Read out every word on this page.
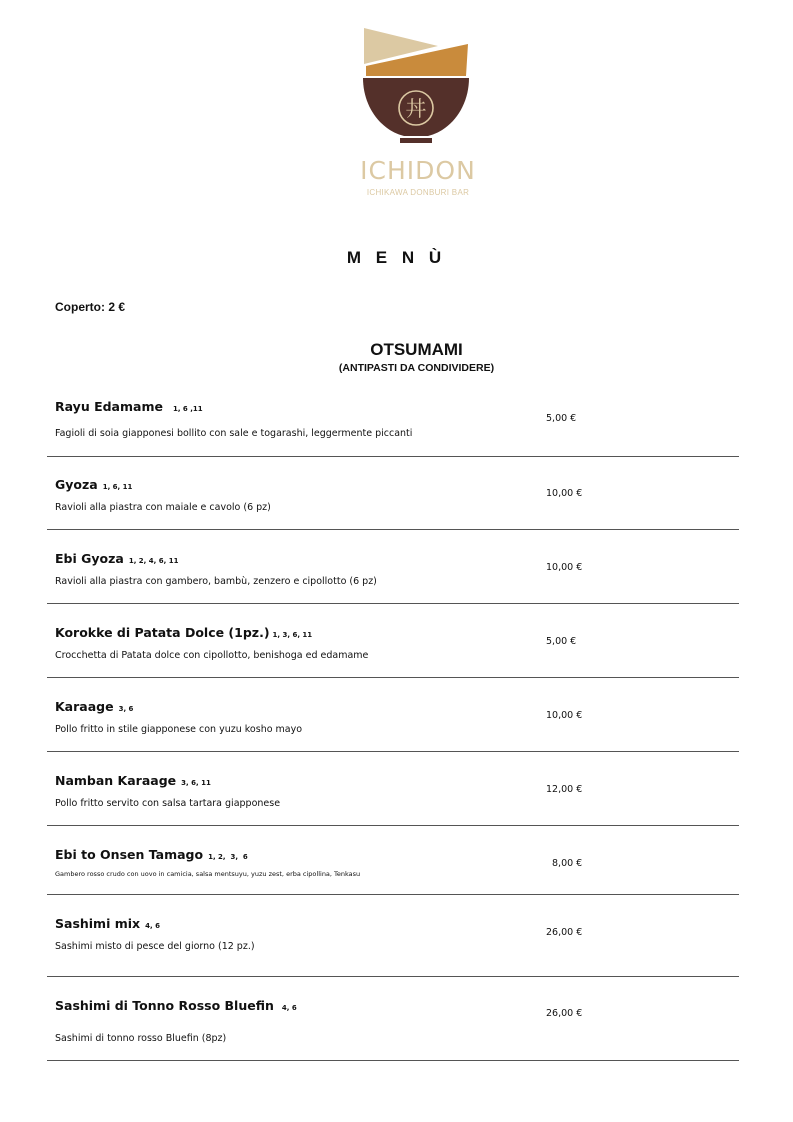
丼
ICHIDON
ICHIKAWA DONBURI BAR
M E N Ù
Coperto: 2 €
OTSUMAMI
(ANTIPASTI DA CONDIVIDERE)
Rayu Edamame 1, 6 ,11
Fagioli di soia giapponesi bollito con sale e togarashi, leggermente piccanti
5,00 €
Gyoza 1, 6, 11
Ravioli alla piastra con maiale e cavolo (6 pz)
10,00 €
Ebi Gyoza 1, 2, 4, 6, 11
Ravioli alla piastra con gambero, bambù, zenzero e cipollotto (6 pz)
10,00 €
Korokke di Patata Dolce (1pz.) 1, 3, 6, 11
Crocchetta di Patata dolce con cipollotto, benishoga ed edamame
5,00 €
Karaage 3, 6
Pollo fritto in stile giapponese con yuzu kosho mayo
10,00 €
Namban Karaage 3, 6, 11
Pollo fritto servito con salsa tartara giapponese
12,00 €
Ebi to Onsen Tamago 1, 2,  3,  6
Gambero rosso crudo con uovo in camicia, salsa mentsuyu, yuzu zest, erba cipollina, Tenkasu
8,00 €
Sashimi mix 4, 6
Sashimi misto di pesce del giorno (12 pz.)
26,00 €
Sashimi di Tonno Rosso Bluefin 4, 6
Sashimi di tonno rosso Bluefin (8pz)
26,00 €
